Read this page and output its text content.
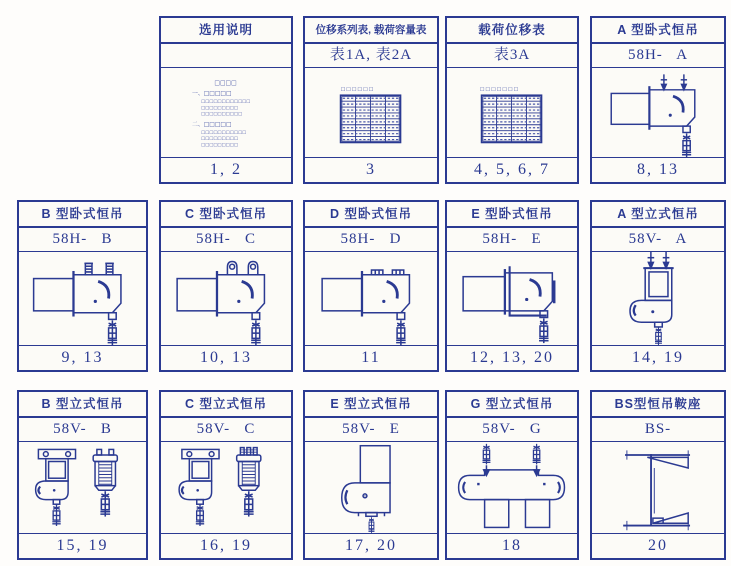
选用说明
□□□□
一、□□□□□
□□□□□□□□□□□□
□□□□□□□□□
□□□□□□□□□□
二、□□□□□
□□□□□□□□□□□
□□□□□□□□□
□□□□□□□□□
1, 2
位移系列表, 载荷容量表
表1A, 表2A
□□□□□□
3
载荷位移表
表3A
□□□□□□□
4, 5, 6, 7
A 型卧式恒吊
58H-   A
8, 13
B 型卧式恒吊
58H-   B
9, 13
C 型卧式恒吊
58H-   C
10, 13
D 型卧式恒吊
58H-   D
11
E 型卧式恒吊
58H-   E
12, 13, 20
A 型立式恒吊
58V-   A
14, 19
B 型立式恒吊
58V-   B
15, 19
C 型立式恒吊
58V-   C
16, 19
E 型立式恒吊
58V-   E
17, 20
G 型立式恒吊
58V-   G
18
BS型恒吊鞍座
BS-
20
